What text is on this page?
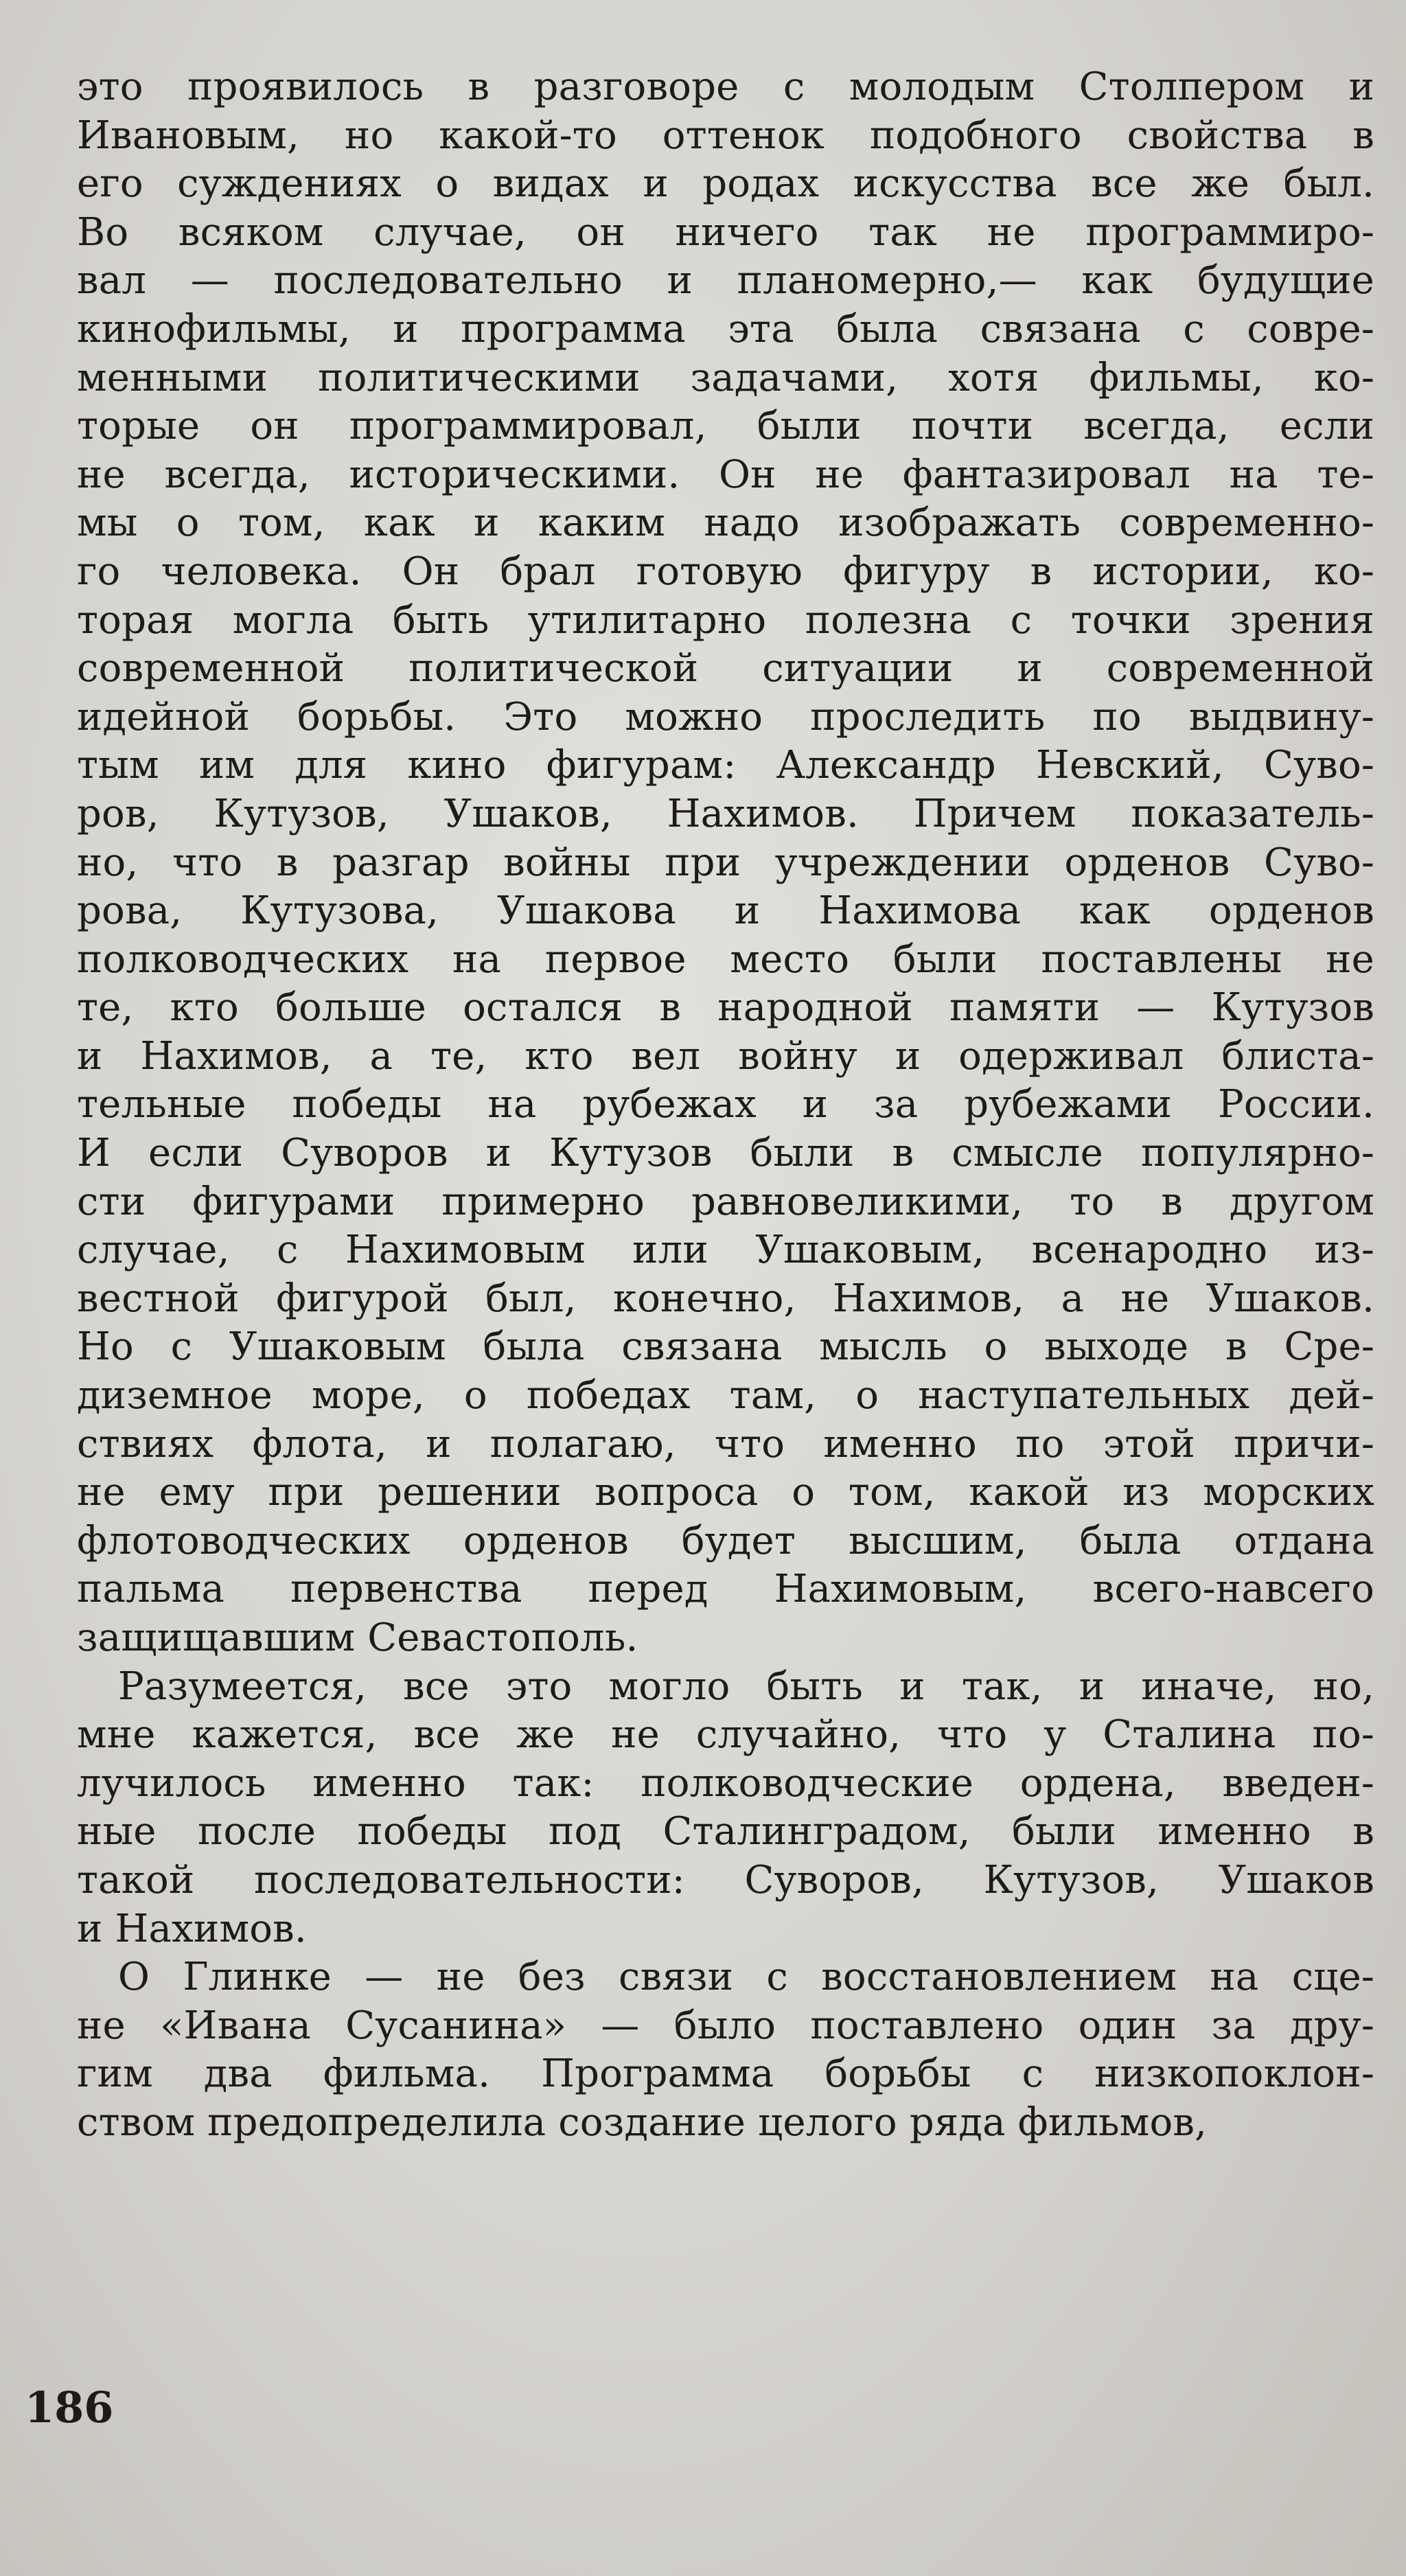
это проявилось в разговоре с молодым Столпером и
Ивановым, но какой-то оттенок подобного свойства в
его суждениях о видах и родах искусства все же был.
Во всяком случае, он ничего так не программиро-
вал — последовательно и планомерно,— как будущие
кинофильмы, и программа эта была связана с совре-
менными политическими задачами, хотя фильмы, ко-
торые он программировал, были почти всегда, если
не всегда, историческими. Он не фантазировал на те-
мы о том, как и каким надо изображать современно-
го человека. Он брал готовую фигуру в истории, ко-
торая могла быть утилитарно полезна с точки зрения
современной политической ситуации и современной
идейной борьбы. Это можно проследить по выдвину-
тым им для кино фигурам: Александр Невский, Суво-
ров, Кутузов, Ушаков, Нахимов. Причем показатель-
но, что в разгар войны при учреждении орденов Суво-
рова, Кутузова, Ушакова и Нахимова как орденов
полководческих на первое место были поставлены не
те, кто больше остался в народной памяти — Кутузов
и Нахимов, а те, кто вел войну и одерживал блиста-
тельные победы на рубежах и за рубежами России.
И если Суворов и Кутузов были в смысле популярно-
сти фигурами примерно равновеликими, то в другом
случае, с Нахимовым или Ушаковым, всенародно из-
вестной фигурой был, конечно, Нахимов, а не Ушаков.
Но с Ушаковым была связана мысль о выходе в Сре-
диземное море, о победах там, о наступательных дей-
ствиях флота, и полагаю, что именно по этой причи-
не ему при решении вопроса о том, какой из морских
флотоводческих орденов будет высшим, была отдана
пальма первенства перед Нахимовым, всего-навсего
защищавшим Севастополь.
Разумеется, все это могло быть и так, и иначе, но,
мне кажется, все же не случайно, что у Сталина по-
лучилось именно так: полководческие ордена, введен-
ные после победы под Сталинградом, были именно в
такой последовательности: Суворов, Кутузов, Ушаков
и Нахимов.
О Глинке — не без связи с восстановлением на сце-
не «Ивана Сусанина» — было поставлено один за дру-
гим два фильма. Программа борьбы с низкопоклон-
ством предопределила создание целого ряда фильмов,
186
